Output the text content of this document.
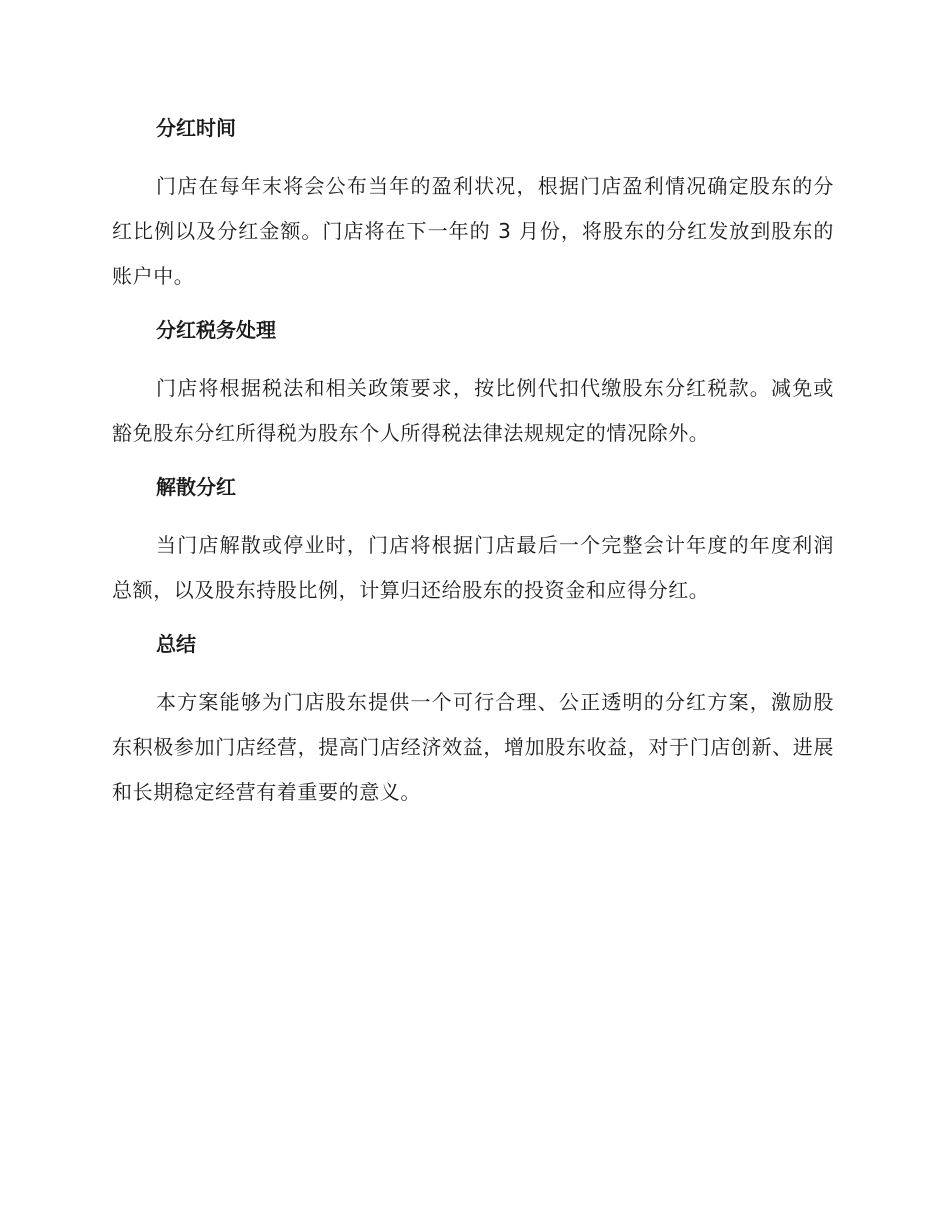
分红时间

门店在每年末将会公布当年的盈利状况，根据门店盈利情况确定股东的分红比例以及分红金额。门店将在下一年的 3 月份，将股东的分红发放到股东的账户中。

分红税务处理

门店将根据税法和相关政策要求，按比例代扣代缴股东分红税款。减免或豁免股东分红所得税为股东个人所得税法律法规规定的情况除外。

解散分红

当门店解散或停业时，门店将根据门店最后一个完整会计年度的年度利润总额，以及股东持股比例，计算归还给股东的投资金和应得分红。

总结

本方案能够为门店股东提供一个可行合理、公正透明的分红方案，激励股东积极参加门店经营，提高门店经济效益，增加股东收益，对于门店创新、进展和长期稳定经营有着重要的意义。
